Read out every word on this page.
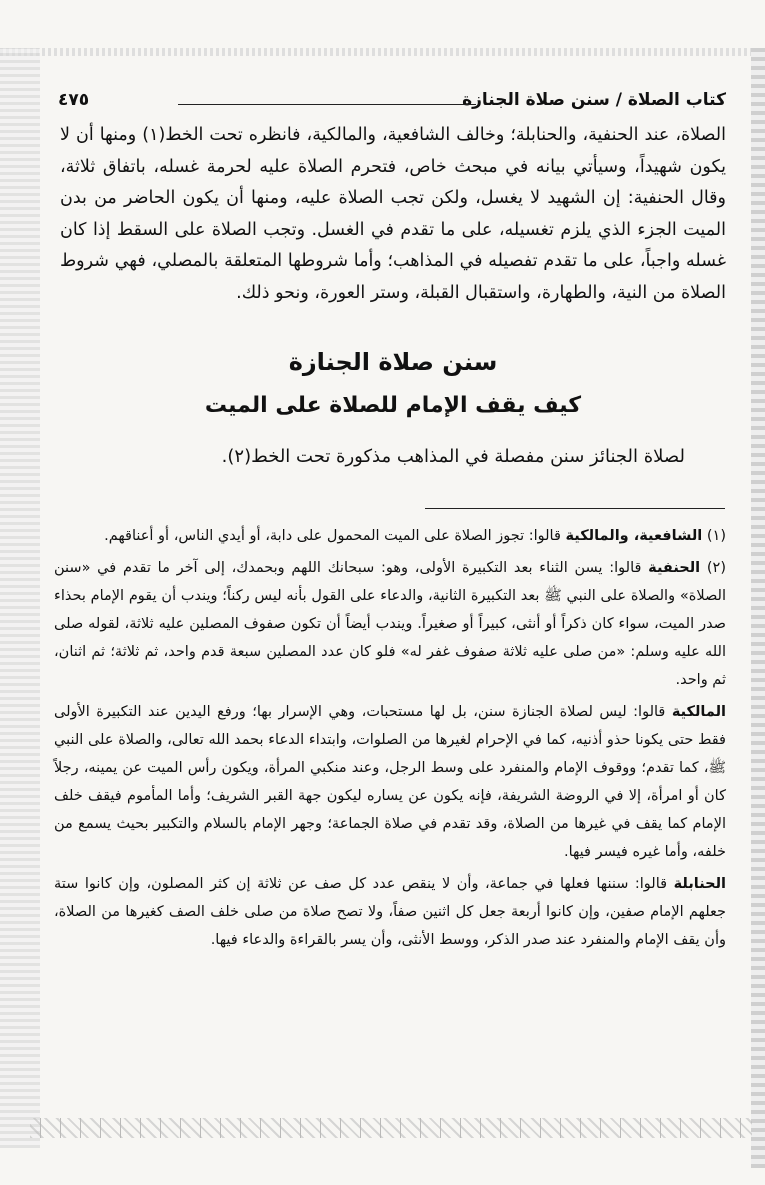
كتاب الصلاة / سنن صلاة الجنازة
٤٧٥

الصلاة، عند الحنفية، والحنابلة؛ وخالف الشافعية، والمالكية، فانظره تحت الخط(١) ومنها أن لا يكون شهيداً، وسيأتي بيانه في مبحث خاص، فتحرم الصلاة عليه لحرمة غسله، باتفاق ثلاثة، وقال الحنفية: إن الشهيد لا يغسل، ولكن تجب الصلاة عليه، ومنها أن يكون الحاضر من بدن الميت الجزء الذي يلزم تغسيله، على ما تقدم في الغسل. وتجب الصلاة على السقط إذا كان غسله واجباً، على ما تقدم تفصيله في المذاهب؛ وأما شروطها المتعلقة بالمصلي، فهي شروط الصلاة من النية، والطهارة، واستقبال القبلة، وستر العورة، ونحو ذلك.

سنن صلاة الجنازة
كيف يقف الإمام للصلاة على الميت
لصلاة الجنائز سنن مفصلة في المذاهب مذكورة تحت الخط(٢).

(١) الشافعية، والمالكية قالوا: تجوز الصلاة على الميت المحمول على دابة، أو أيدي الناس، أو أعناقهم.

(٢) الحنفية قالوا: يسن الثناء بعد التكبيرة الأولى، وهو: سبحانك اللهم وبحمدك، إلى آخر ما تقدم في «سنن الصلاة» والصلاة على النبي ﷺ بعد التكبيرة الثانية، والدعاء على القول بأنه ليس ركناً؛ ويندب أن يقوم الإمام بحذاء صدر الميت، سواء كان ذكراً أو أنثى، كبيراً أو صغيراً. ويندب أيضاً أن تكون صفوف المصلين عليه ثلاثة، لقوله صلى الله عليه وسلم: «من صلى عليه ثلاثة صفوف غفر له» فلو كان عدد المصلين سبعة قدم واحد، ثم ثلاثة؛ ثم اثنان، ثم واحد.

المالكية قالوا: ليس لصلاة الجنازة سنن، بل لها مستحبات، وهي الإسرار بها؛ ورفع اليدين عند التكبيرة الأولى فقط حتى يكونا حذو أذنيه، كما في الإحرام لغيرها من الصلوات، وابتداء الدعاء بحمد الله تعالى، والصلاة على النبي ﷺ، كما تقدم؛ ووقوف الإمام والمنفرد على وسط الرجل، وعند منكبي المرأة، ويكون رأس الميت عن يمينه، رجلاً كان أو امرأة، إلا في الروضة الشريفة، فإنه يكون عن يساره ليكون جهة القبر الشريف؛ وأما المأموم فيقف خلف الإمام كما يقف في غيرها من الصلاة، وقد تقدم في صلاة الجماعة؛ وجهر الإمام بالسلام والتكبير بحيث يسمع من خلفه، وأما غيره فيسر فيها.

الحنابلة قالوا: سننها فعلها في جماعة، وأن لا ينقص عدد كل صف عن ثلاثة إن كثر المصلون، وإن كانوا ستة جعلهم الإمام صفين، وإن كانوا أربعة جعل كل اثنين صفاً، ولا تصح صلاة من صلى خلف الصف كغيرها من الصلاة، وأن يقف الإمام والمنفرد عند صدر الذكر، ووسط الأنثى، وأن يسر بالقراءة والدعاء فيها.
